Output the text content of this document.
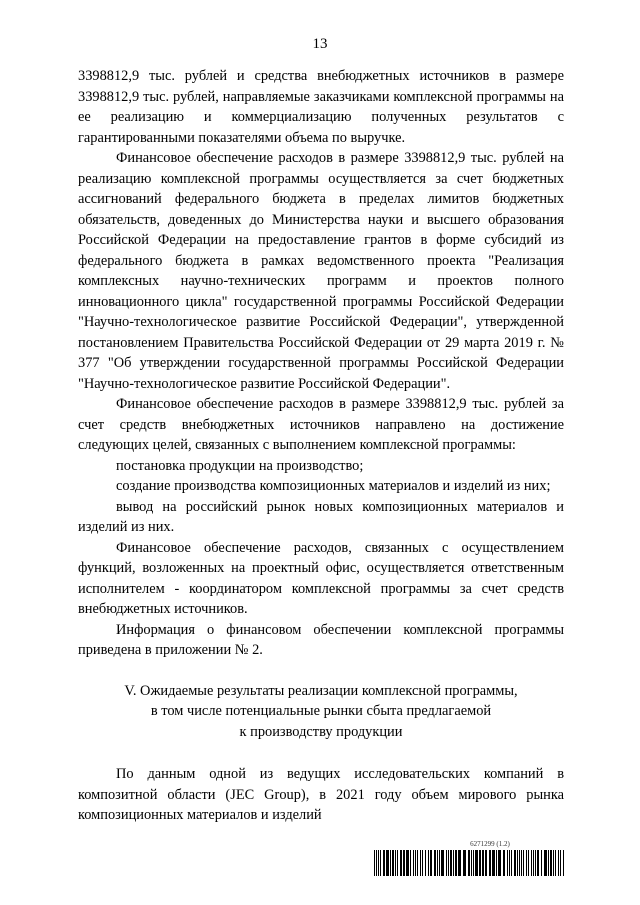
13

3398812,9 тыс. рублей и средства внебюджетных источников в размере 3398812,9 тыс. рублей, направляемые заказчиками комплексной программы на ее реализацию и коммерциализацию полученных результатов с гарантированными показателями объема по выручке.

Финансовое обеспечение расходов в размере 3398812,9 тыс. рублей на реализацию комплексной программы осуществляется за счет бюджетных ассигнований федерального бюджета в пределах лимитов бюджетных обязательств, доведенных до Министерства науки и высшего образования Российской Федерации на предоставление грантов в форме субсидий из федерального бюджета в рамках ведомственного проекта "Реализация комплексных научно-технических программ и проектов полного инновационного цикла" государственной программы Российской Федерации "Научно-технологическое развитие Российской Федерации", утвержденной постановлением Правительства Российской Федерации от 29 марта 2019 г. № 377 "Об утверждении государственной программы Российской Федерации "Научно-технологическое развитие Российской Федерации".

Финансовое обеспечение расходов в размере 3398812,9 тыс. рублей за счет средств внебюджетных источников направлено на достижение следующих целей, связанных с выполнением комплексной программы:

постановка продукции на производство;

создание производства композиционных материалов и изделий из них;

вывод на российский рынок новых композиционных материалов и изделий из них.

Финансовое обеспечение расходов, связанных с осуществлением функций, возложенных на проектный офис, осуществляется ответственным исполнителем - координатором комплексной программы за счет средств внебюджетных источников.

Информация о финансовом обеспечении комплексной программы приведена в приложении № 2.

V. Ожидаемые результаты реализации комплексной программы,
в том числе потенциальные рынки сбыта предлагаемой
к производству продукции

По данным одной из ведущих исследовательских компаний в композитной области (JEC Group), в 2021 году объем мирового рынка композиционных материалов и изделий

6271299 (1.2)
